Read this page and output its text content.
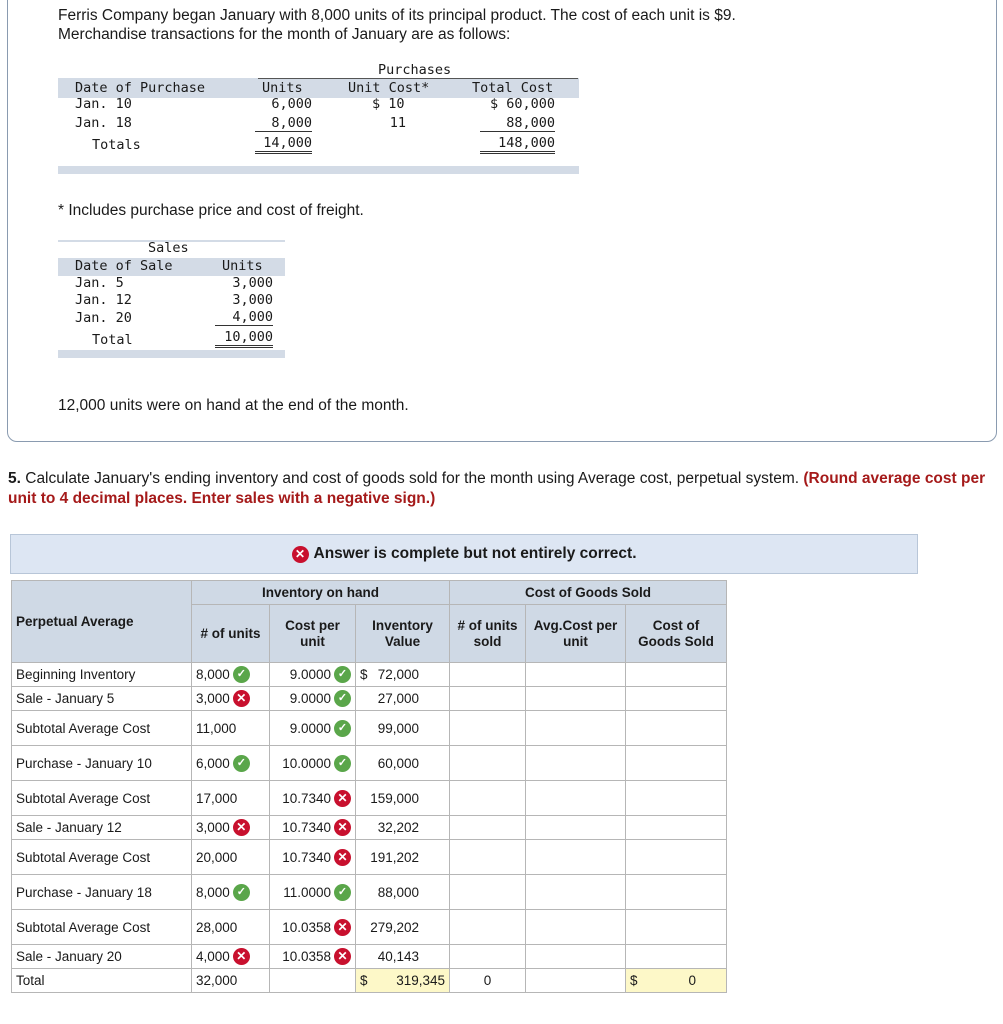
Ferris Company began January with 8,000 units of its principal product. The cost of each unit is $9.
Merchandise transactions for the month of January are as follows:
Purchases
Date of Purchase	Units	Unit Cost*	Total Cost
Jan. 10	6,000	$ 10	$ 60,000
Jan. 18	8,000	11	88,000
Totals	14,000	148,000
* Includes purchase price and cost of freight.
Sales
Date of Sale	Units
Jan. 5	3,000
Jan. 12	3,000
Jan. 20	4,000
Total	10,000
12,000 units were on hand at the end of the month.
5. Calculate January's ending inventory and cost of goods sold for the month using Average cost, perpetual system. (Round average cost per unit to 4 decimal places. Enter sales with a negative sign.)
✕ Answer is complete but not entirely correct.
Perpetual Average	Inventory on hand			Cost of Goods Sold		
	# of units	Cost per unit	Inventory Value	# of units sold	Avg.Cost per unit	Cost of Goods Sold
Beginning Inventory	8,000 ✓	9.0000 ✓	$ 72,000			

Sale - January 5	3,000 ✕	9.0000 ✓	27,000			

Subtotal Average Cost	11,000	9.0000 ✓	99,000			

Purchase - January 10	6,000 ✓	10.0000 ✓	60,000			

Subtotal Average Cost	17,000	10.7340 ✕	159,000			

Sale - January 12	3,000 ✕	10.7340 ✕	32,202			

Subtotal Average Cost	20,000	10.7340 ✕	191,202			

Purchase - January 18	8,000 ✓	11.0000 ✓	88,000			

Subtotal Average Cost	28,000	10.0358 ✕	279,202			

Sale - January 20	4,000 ✕	10.0358 ✕	40,143			

Total	32,000		$ 319,345	0		$ 0
